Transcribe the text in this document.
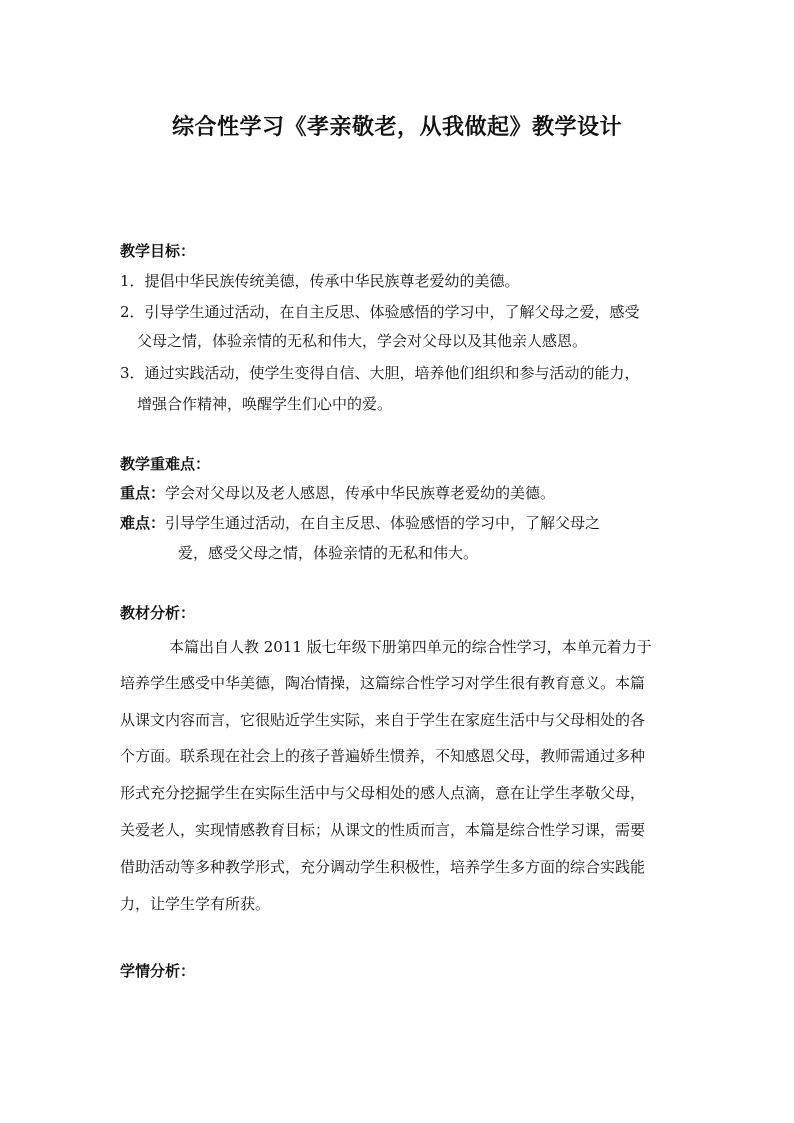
综合性学习《孝亲敬老，从我做起》教学设计

教学目标：

1．提倡中华民族传统美德，传承中华民族尊老爱幼的美德。

2．引导学生通过活动，在自主反思、体验感悟的学习中，了解父母之爱，感受

父母之情，体验亲情的无私和伟大，学会对父母以及其他亲人感恩。

3．通过实践活动，使学生变得自信、大胆，培养他们组织和参与活动的能力，

增强合作精神，唤醒学生们心中的爱。

教学重难点：

重点：学会对父母以及老人感恩，传承中华民族尊老爱幼的美德。

难点：引导学生通过活动，在自主反思、体验感悟的学习中，了解父母之

爱，感受父母之情，体验亲情的无私和伟大。

教材分析：

本篇出自人教 2011 版七年级下册第四单元的综合性学习，本单元着力于

培养学生感受中华美德，陶冶情操，这篇综合性学习对学生很有教育意义。本篇

从课文内容而言，它很贴近学生实际，来自于学生在家庭生活中与父母相处的各

个方面。联系现在社会上的孩子普遍娇生惯养，不知感恩父母，教师需通过多种

形式充分挖掘学生在实际生活中与父母相处的感人点滴，意在让学生孝敬父母，

关爱老人，实现情感教育目标；从课文的性质而言，本篇是综合性学习课，需要

借助活动等多种教学形式，充分调动学生积极性，培养学生多方面的综合实践能

力，让学生学有所获。

学情分析：
